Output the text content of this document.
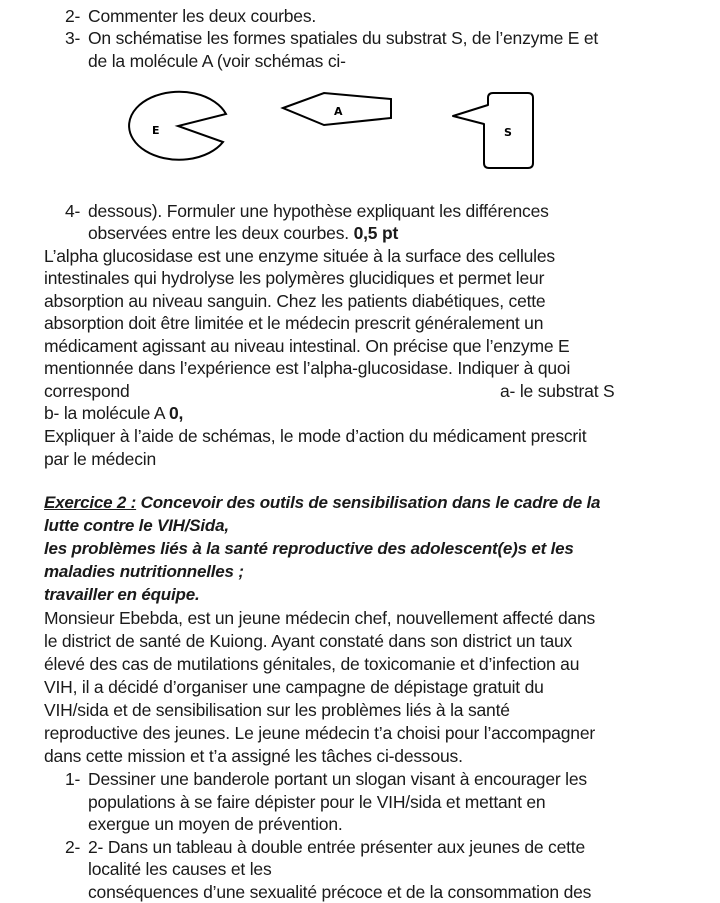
2- Commenter les deux courbes.
3- On schématise les formes spatiales du substrat S, de l’enzyme E et
de la molécule A (voir schémas ci-
E
A
S
4- dessous). Formuler une hypothèse expliquant les différences
observées entre les deux courbes. 0,5 pt
L’alpha glucosidase est une enzyme située à la surface des cellules
intestinales qui hydrolyse les polymères glucidiques et permet leur
absorption au niveau sanguin. Chez les patients diabétiques, cette
absorption doit être limitée et le médecin prescrit généralement un
médicament agissant au niveau intestinal. On précise que l’enzyme E
mentionnée dans l’expérience est l’alpha-glucosidase. Indiquer à quoi
correspond	a- le substrat S
b- la molécule A 0,
Expliquer à l’aide de schémas, le mode d’action du médicament prescrit
par le médecin
Exercice 2 : Concevoir des outils de sensibilisation dans le cadre de la
lutte contre le VIH/Sida,
les problèmes liés à la santé reproductive des adolescent(e)s et les
maladies nutritionnelles ;
travailler en équipe.
Monsieur Ebebda, est un jeune médecin chef, nouvellement affecté dans
le district de santé de Kuiong. Ayant constaté dans son district un taux
élevé des cas de mutilations génitales, de toxicomanie et d’infection au
VIH, il a décidé d’organiser une campagne de dépistage gratuit du
VIH/sida et de sensibilisation sur les problèmes liés à la santé
reproductive des jeunes. Le jeune médecin t’a choisi pour l’accompagner
dans cette mission et t’a assigné les tâches ci-dessous.
1- Dessiner une banderole portant un slogan visant à encourager les
populations à se faire dépister pour le VIH/sida et mettant en
exergue un moyen de prévention.
2- 2- Dans un tableau à double entrée présenter aux jeunes de cette
localité les causes et les
conséquences d’une sexualité précoce et de la consommation des
